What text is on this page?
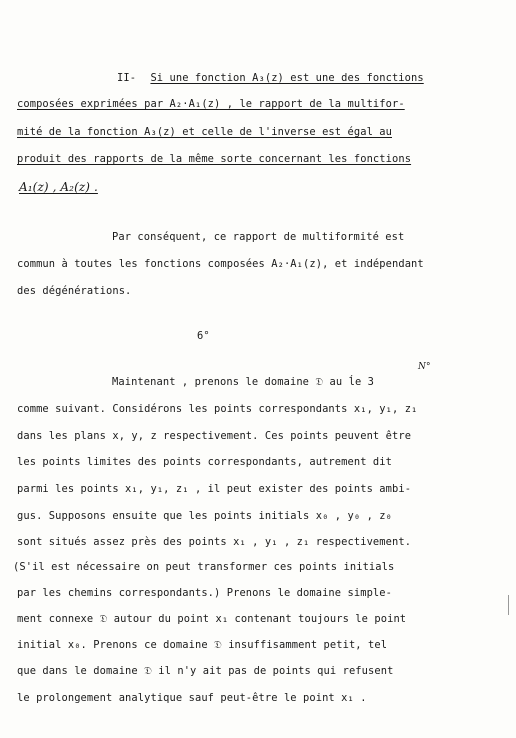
II- Si une fonction A₃(z) est une des fonctions
composées exprimées par A₂·A₁(z) , le rapport de la multifor-
mité de la fonction A₃(z) et celle de l'inverse est égal au
produit des rapports de la même sorte concernant les fonctions
A₁(z) , A₂(z) .
Par conséquent, ce rapport de multiformité est
commun à toutes les fonctions composées A₂·A₁(z), et indépendant
des dégénérations.
6°
N°
Maintenant , prenons le domaine 𝔇 au ĺe 3
comme suivant. Considérons les points correspondants x₁, y₁, z₁
dans les plans x, y, z respectivement. Ces points peuvent être
les points limites des points correspondants, autrement dit
parmi les points x₁, y₁, z₁ , il peut exister des points ambi-
gus. Supposons ensuite que les points initials x₀ , y₀ , z₀
sont situés assez près des points x₁ , y₁ , z₁ respectivement.
(S'il est nécessaire on peut transformer ces points initials
par les chemins correspondants.) Prenons le domaine simple-
ment connexe 𝔇 autour du point x₁ contenant toujours le point
initial x₀. Prenons ce domaine 𝔇 insuffisamment petit, tel
que dans le domaine 𝔇 il n'y ait pas de points qui refusent
le prolongement analytique sauf peut-être le point x₁ .
